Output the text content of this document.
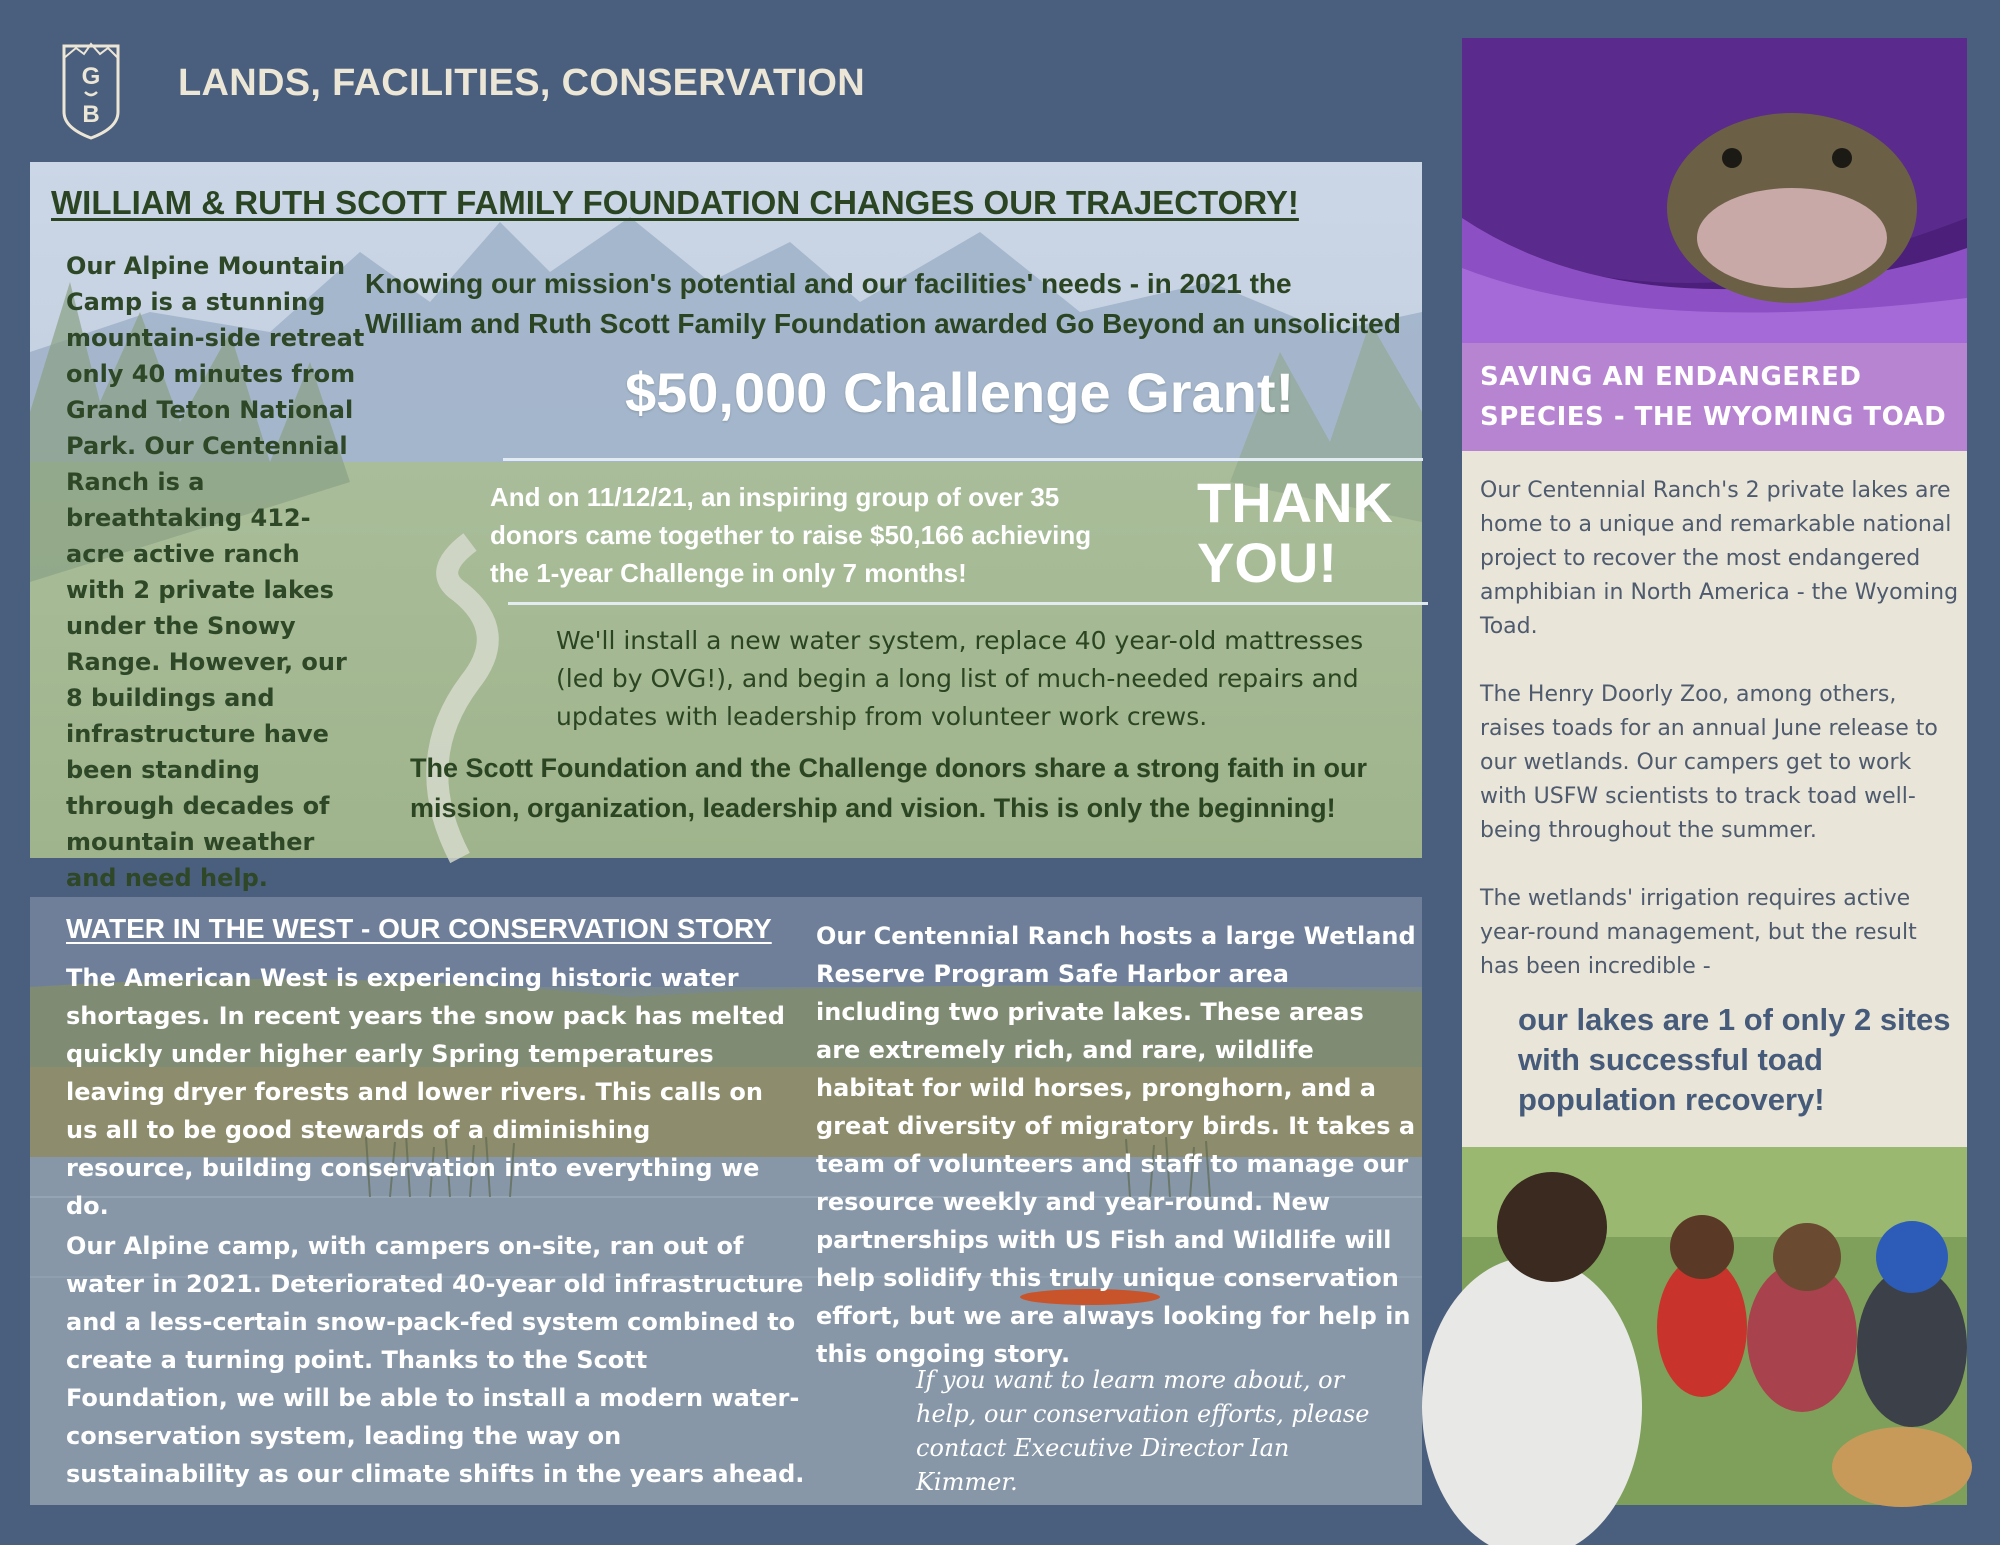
G
B
LANDS, FACILITIES, CONSERVATION
WILLIAM & RUTH SCOTT FAMILY FOUNDATION CHANGES OUR TRAJECTORY!
Our Alpine Mountain Camp is a stunning mountain-side retreat only 40 minutes from Grand Teton National Park. Our Centennial Ranch is a breathtaking 412-acre active ranch with 2 private lakes under the Snowy Range. However, our 8 buildings and infrastructure have been standing through decades of mountain weather and need help.
Knowing our mission's potential and our facilities' needs - in 2021 the
William and Ruth Scott Family Foundation awarded Go Beyond an unsolicited
$50,000 Challenge Grant!
And on 11/12/21, an inspiring group of over 35
donors came together to raise $50,166 achieving
the 1-year Challenge in only 7 months!
THANK
YOU!
We'll install a new water system, replace 40 year-old mattresses (led by OVG!), and begin a long list of much-needed repairs and updates with leadership from volunteer work crews.
The Scott Foundation and the Challenge donors share a strong faith in our
mission, organization, leadership and vision. This is only the beginning!
WATER IN THE WEST - OUR CONSERVATION STORY
The American West is experiencing historic water shortages. In recent years the snow pack has melted quickly under higher early Spring temperatures leaving dryer forests and lower rivers. This calls on us all to be good stewards of a diminishing resource, building conservation into everything we do.
Our Alpine camp, with campers on-site, ran out of water in 2021. Deteriorated 40-year old infrastructure and a less-certain snow-pack-fed system combined to create a turning point. Thanks to the Scott Foundation, we will be able to install a modern water-conservation system, leading the way on sustainability as our climate shifts in the years ahead.
Our Centennial Ranch hosts a large Wetland Reserve Program Safe Harbor area including two private lakes. These areas are extremely rich, and rare, wildlife habitat for wild horses, pronghorn, and a great diversity of migratory birds. It takes a team of volunteers and staff to manage our resource weekly and year-round. New partnerships with US Fish and Wildlife will help solidify this truly unique conservation effort, but we are always looking for help in this ongoing story.
If you want to learn more about, or help, our conservation efforts, please contact Executive Director Ian Kimmer.
SAVING AN ENDANGERED SPECIES - THE WYOMING TOAD

Our Centennial Ranch's 2 private lakes are home to a unique and remarkable national project to recover the most endangered amphibian in North America - the Wyoming Toad.

The Henry Doorly Zoo, among others, raises toads for an annual June release to our wetlands. Our campers get to work with USFW scientists to track toad well-being throughout the summer.

The wetlands' irrigation requires active year-round management, but the result has been incredible -

our lakes are 1 of only 2 sites with successful toad population recovery!
